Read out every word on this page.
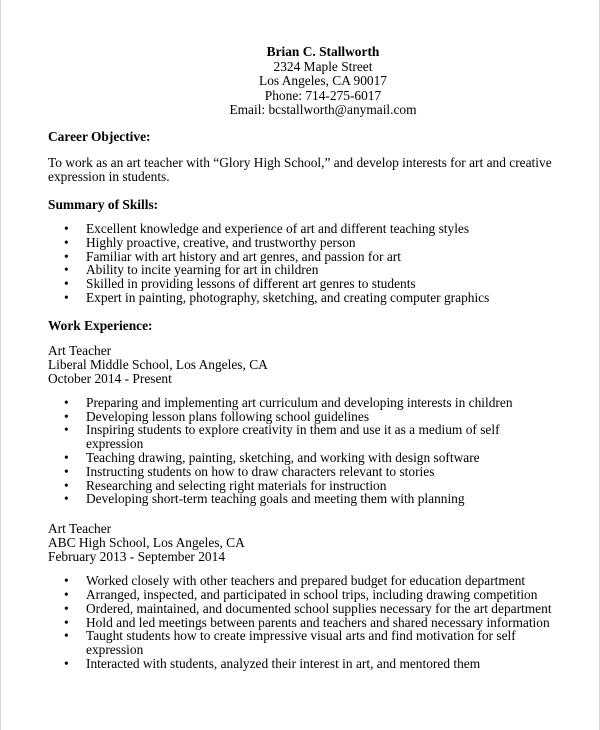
Brian C. Stallworth
2324 Maple Street
Los Angeles, CA 90017
Phone: 714-275-6017
Email: bcstallworth@anymail.com
Career Objective:
To work as an art teacher with “Glory High School,” and develop interests for art and creative expression in students.
Summary of Skills:
• Excellent knowledge and experience of art and different teaching styles
• Highly proactive, creative, and trustworthy person
• Familiar with art history and art genres, and passion for art
• Ability to incite yearning for art in children
• Skilled in providing lessons of different art genres to students
• Expert in painting, photography, sketching, and creating computer graphics
Work Experience:
Art Teacher
Liberal Middle School, Los Angeles, CA
October 2014 - Present
• Preparing and implementing art curriculum and developing interests in children
• Developing lesson plans following school guidelines
• Inspiring students to explore creativity in them and use it as a medium of self expression
• Teaching drawing, painting, sketching, and working with design software
• Instructing students on how to draw characters relevant to stories
• Researching and selecting right materials for instruction
• Developing short-term teaching goals and meeting them with planning
Art Teacher
ABC High School, Los Angeles, CA
February 2013 - September 2014
• Worked closely with other teachers and prepared budget for education department
• Arranged, inspected, and participated in school trips, including drawing competition
• Ordered, maintained, and documented school supplies necessary for the art department
• Hold and led meetings between parents and teachers and shared necessary information
• Taught students how to create impressive visual arts and find motivation for self expression
• Interacted with students, analyzed their interest in art, and mentored them
